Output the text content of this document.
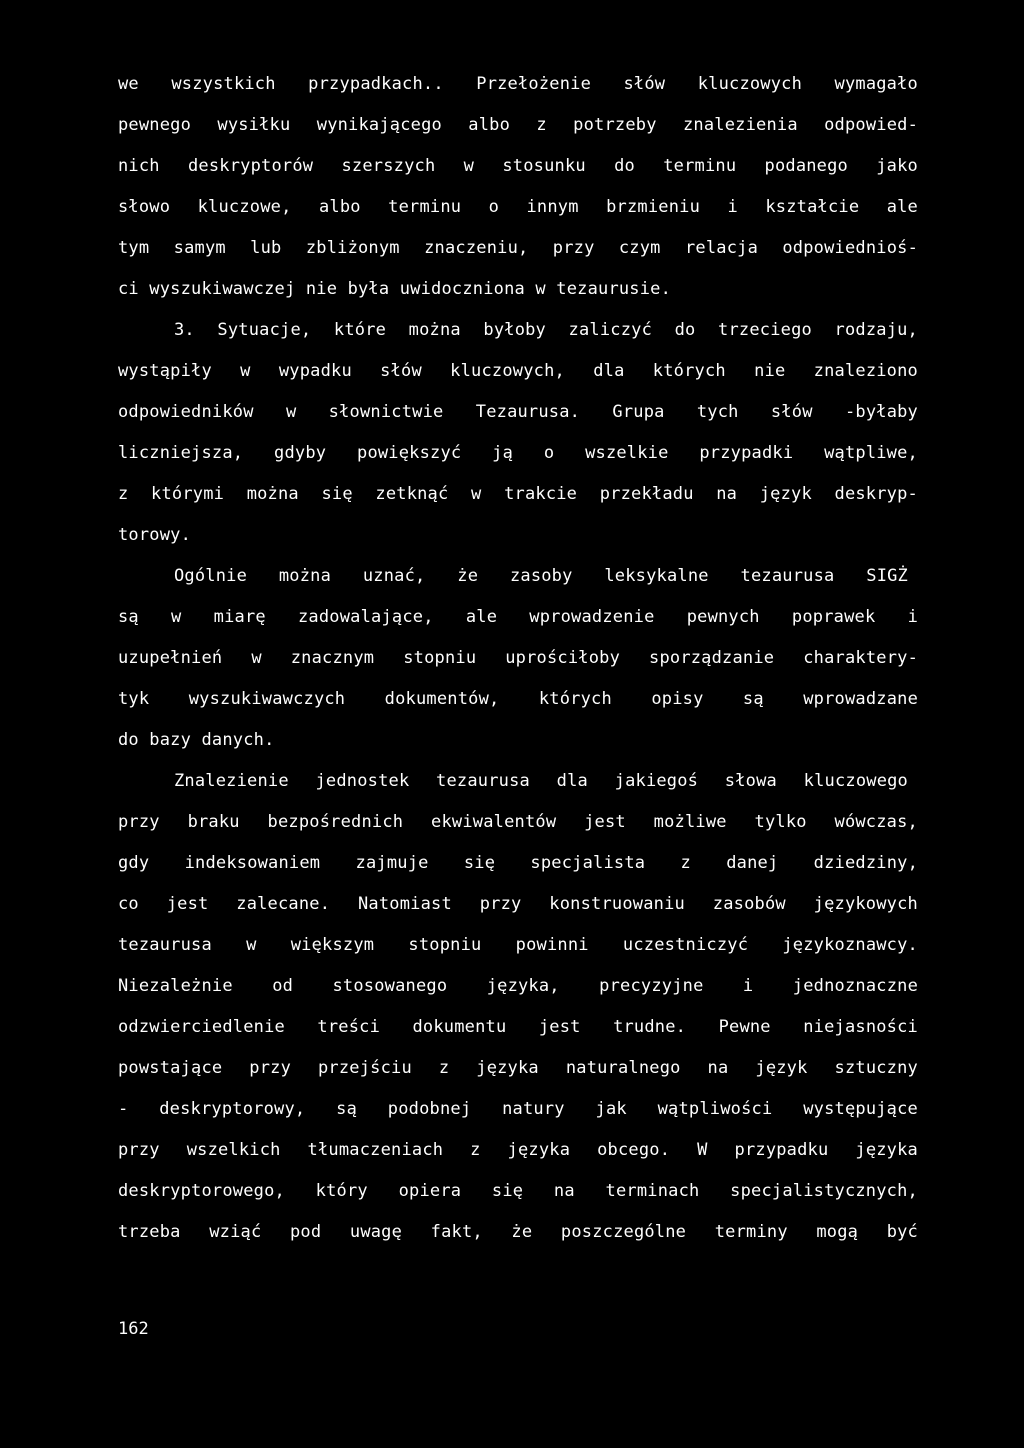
we wszystkich przypadkach.. Przełożenie słów kluczowych wymagało
pewnego wysiłku wynikającego albo z potrzeby znalezienia odpowied-
nich deskryptorów szerszych w stosunku do terminu podanego jako
słowo kluczowe, albo terminu o innym brzmieniu i kształcie ale
tym samym lub zbliżonym znaczeniu, przy czym relacja odpowiednioś-
ci wyszukiwawczej nie była uwidoczniona w tezaurusie.
3. Sytuacje, które można byłoby zaliczyć do trzeciego rodzaju,
wystąpiły w wypadku słów kluczowych, dla których nie znaleziono
odpowiedników w słownictwie Tezaurusa. Grupa tych słów -byłaby
liczniejsza, gdyby powiększyć ją o wszelkie przypadki wątpliwe,
z którymi można się zetknąć w trakcie przekładu na język deskryp-
torowy.
Ogólnie można uznać, że zasoby leksykalne tezaurusa SIGŻ
są w miarę zadowalające, ale wprowadzenie pewnych poprawek i
uzupełnień w znacznym stopniu uprościłoby sporządzanie charaktery-
tyk wyszukiwawczych dokumentów, których opisy są wprowadzane
do bazy danych.
Znalezienie jednostek tezaurusa dla jakiegoś słowa kluczowego
przy braku bezpośrednich ekwiwalentów jest możliwe tylko wówczas,
gdy indeksowaniem zajmuje się specjalista z danej dziedziny,
co jest zalecane. Natomiast przy konstruowaniu zasobów językowych
tezaurusa w większym stopniu powinni uczestniczyć językoznawcy.
Niezależnie od stosowanego języka, precyzyjne i jednoznaczne
odzwierciedlenie treści dokumentu jest trudne. Pewne niejasności
powstające przy przejściu z języka naturalnego na język sztuczny
- deskryptorowy, są podobnej natury jak wątpliwości występujące
przy wszelkich tłumaczeniach z języka obcego. W przypadku języka
deskryptorowego, który opiera się na terminach specjalistycznych,
trzeba wziąć pod uwagę fakt, że poszczególne terminy mogą być
162
